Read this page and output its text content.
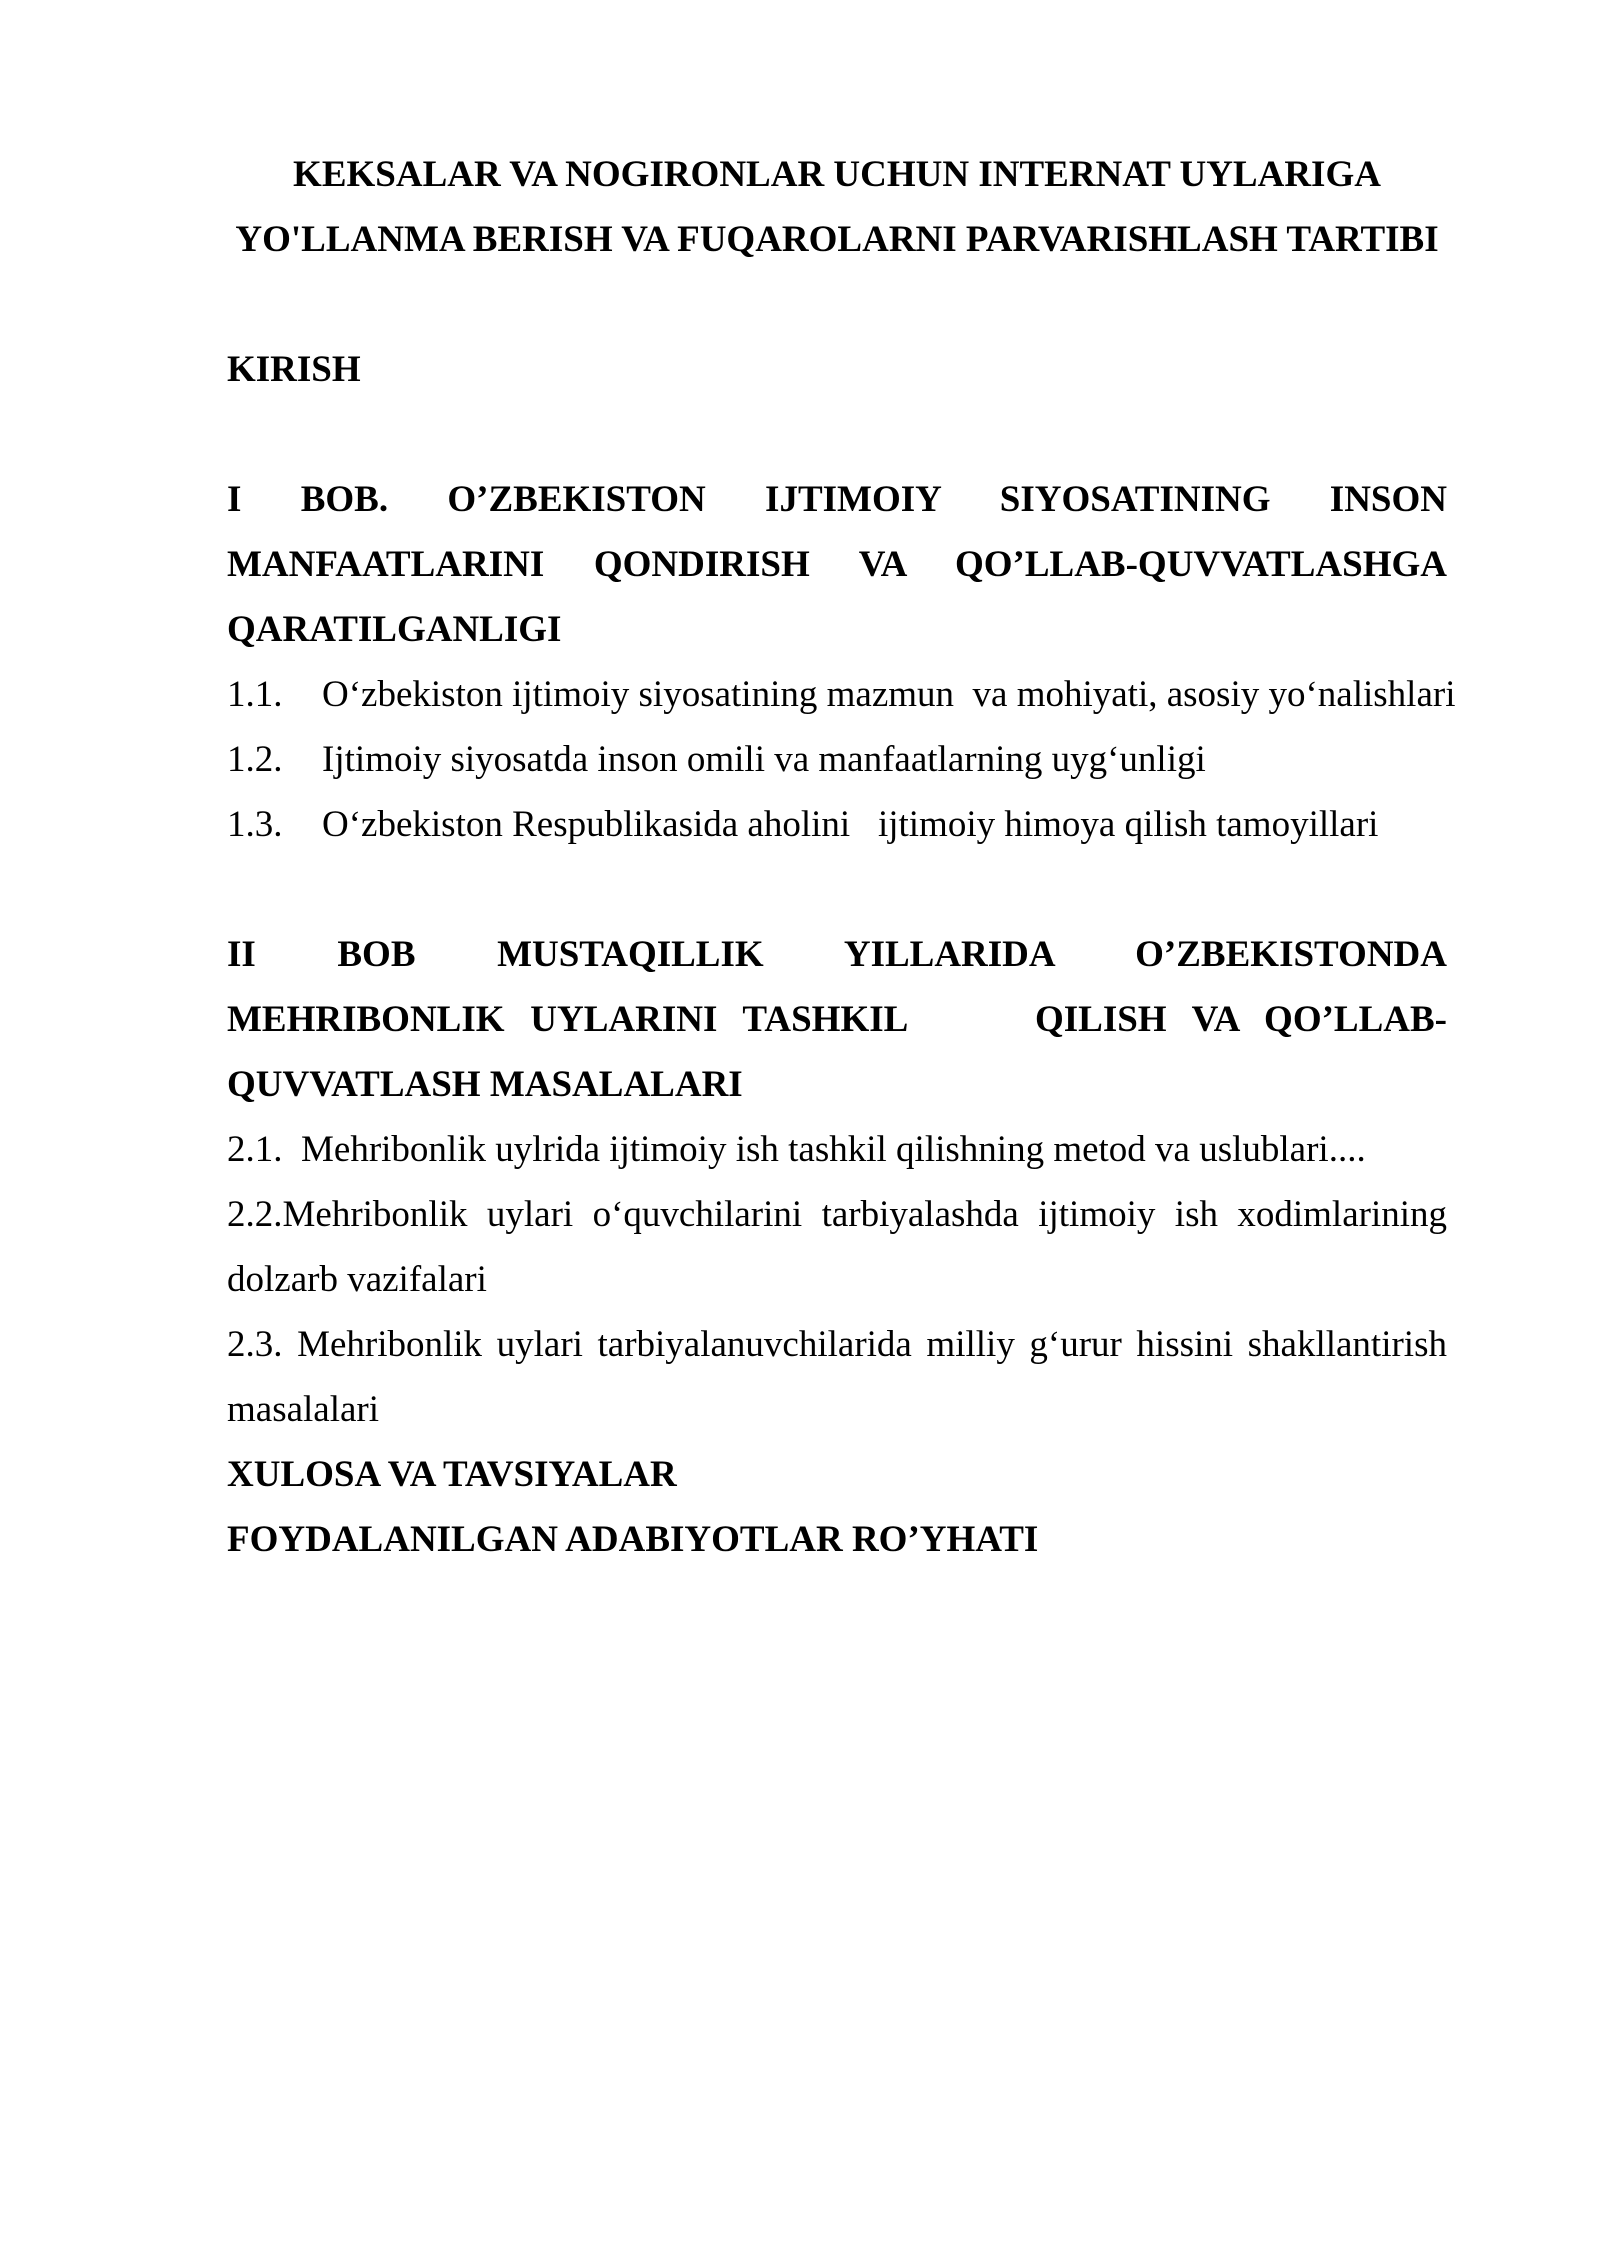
KEKSALAR VA NOGIRONLAR UCHUN INTERNAT UYLARIGA
YO'LLANMA BERISH VA FUQAROLARNI PARVARISHLASH TARTIBI
KIRISH
I BOB. O’ZBEKISTON IJTIMOIY SIYOSATINING INSON
MANFAATLARINI QONDIRISH VA QO’LLAB-QUVVATLASHGA
QARATILGANLIGI
1.1.	O‘zbekiston ijtimoiy siyosatining mazmun  va mohiyati, asosiy yo‘nalishlari
1.2.	Ijtimoiy siyosatda inson omili va manfaatlarning uyg‘unligi
1.3.	O‘zbekiston Respublikasida aholini   ijtimoiy himoya qilish tamoyillari
II BOB MUSTAQILLIK YILLARIDA O’ZBEKISTONDA
MEHRIBONLIK UYLARINI TASHKIL     QILISH VA QO’LLAB-
QUVVATLASH MASALALARI
2.1.  Mehribonlik uylrida ijtimoiy ish tashkil qilishning metod va uslublari....
2.2.Mehribonlik uylari o‘quvchilarini tarbiyalashda ijtimoiy ish xodimlarining
dolzarb vazifalari
2.3. Mehribonlik uylari tarbiyalanuvchilarida milliy g‘urur hissini shakllantirish
masalalari
XULOSA VA TAVSIYALAR
FOYDALANILGAN ADABIYOTLAR RO’YHATI
